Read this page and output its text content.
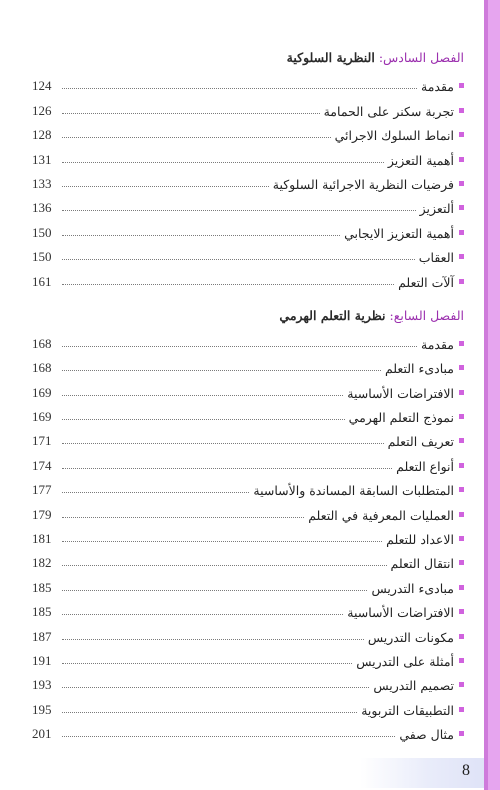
الفصل السادس: النظرية السلوكية
مقدمة
124
تجربة سكنر على الحمامة
126
انماط السلوك الاجرائي
128
أهمية التعزيز
131
فرضيات النظرية الاجرائية السلوكية
133
ألتعزيز
136
أهمية التعزيز الايجابي
150
العقاب
150
آلآت التعلم
161
الفصل السابع: نظرية التعلم الهرمي
مقدمة
168
مبادىء التعلم
168
الافتراضات الأساسية
169
نموذج التعلم الهرمي
169
تعريف التعلم
171
أنواع التعلم
174
المتطلبات السابقة المساندة والأساسية
177
العمليات المعرفية في التعلم
179
الاعداد للتعلم
181
انتقال التعلم
182
مبادىء التدريس
185
الافتراضات الأساسية
185
مكونات التدريس
187
أمثلة على التدريس
191
تصميم التدريس
193
التطبيقات التربوية
195
مثال صفي
201
8
